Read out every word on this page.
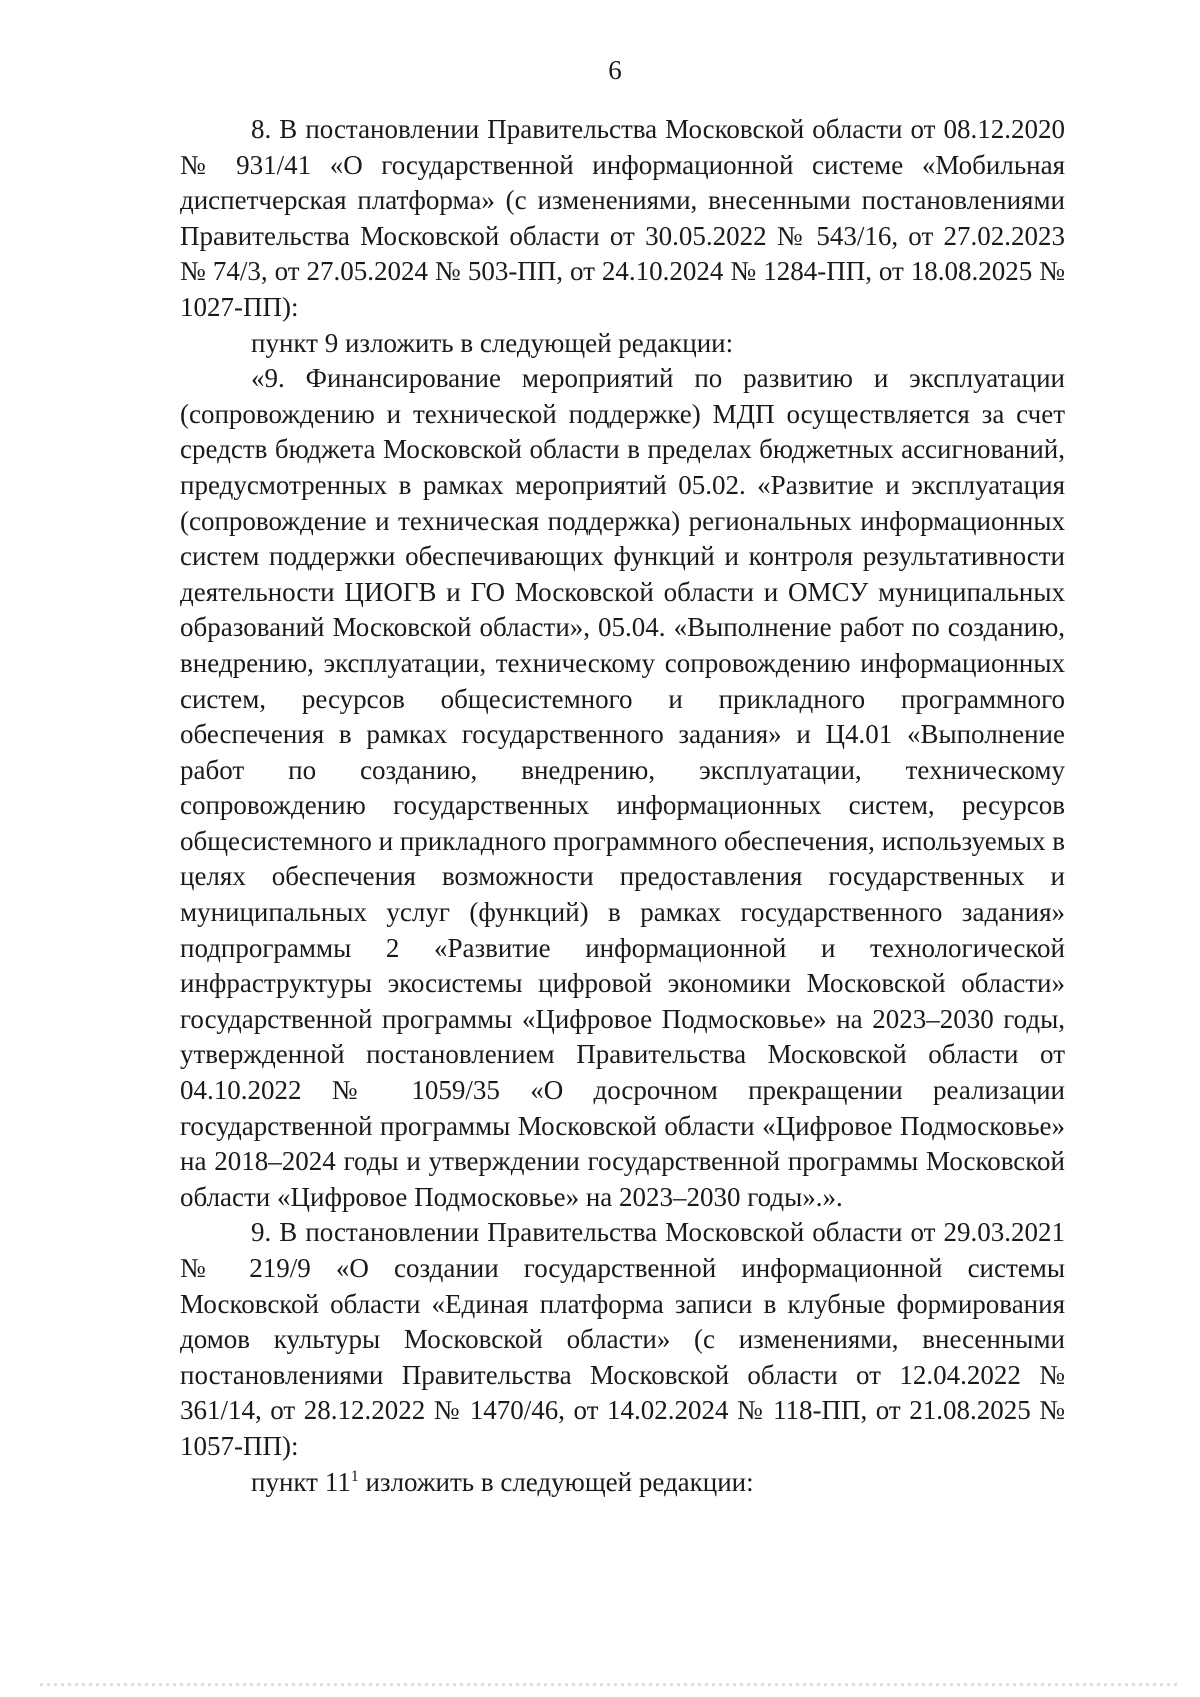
6

8. В постановлении Правительства Московской области от 08.12.2020 № 931/41 «О государственной информационной системе «Мобильная диспетчерская платформа» (с изменениями, внесенными постановлениями Правительства Московской области от 30.05.2022 № 543/16, от 27.02.2023 № 74/3, от 27.05.2024 № 503-ПП, от 24.10.2024 № 1284-ПП, от 18.08.2025 № 1027-ПП):

пункт 9 изложить в следующей редакции:

«9. Финансирование мероприятий по развитию и эксплуатации (сопровождению и технической поддержке) МДП осуществляется за счет средств бюджета Московской области в пределах бюджетных ассигнований, предусмотренных в рамках мероприятий 05.02. «Развитие и эксплуатация (сопровождение и техническая поддержка) региональных информационных систем поддержки обеспечивающих функций и контроля результативности деятельности ЦИОГВ и ГО Московской области и ОМСУ муниципальных образований Московской области», 05.04. «Выполнение работ по созданию, внедрению, эксплуатации, техническому сопровождению информационных систем, ресурсов общесистемного и прикладного программного обеспечения в рамках государственного задания» и Ц4.01 «Выполнение работ по созданию, внедрению, эксплуатации, техническому сопровождению государственных информационных систем, ресурсов общесистемного и прикладного программного обеспечения, используемых в целях обеспечения возможности предоставления государственных и муниципальных услуг (функций) в рамках государственного задания» подпрограммы 2 «Развитие информационной и технологической инфраструктуры экосистемы цифровой экономики Московской области» государственной программы «Цифровое Подмосковье» на 2023–2030 годы, утвержденной постановлением Правительства Московской области от 04.10.2022 № 1059/35 «О досрочном прекращении реализации государственной программы Московской области «Цифровое Подмосковье» на 2018–2024 годы и утверждении государственной программы Московской области «Цифровое Подмосковье» на 2023–2030 годы».».

9. В постановлении Правительства Московской области от 29.03.2021 № 219/9 «О создании государственной информационной системы Московской области «Единая платформа записи в клубные формирования домов культуры Московской области» (с изменениями, внесенными постановлениями Правительства Московской области от 12.04.2022 № 361/14, от 28.12.2022 № 1470/46, от 14.02.2024 № 118-ПП, от 21.08.2025 № 1057-ПП):

пункт $11^1$ изложить в следующей редакции:
